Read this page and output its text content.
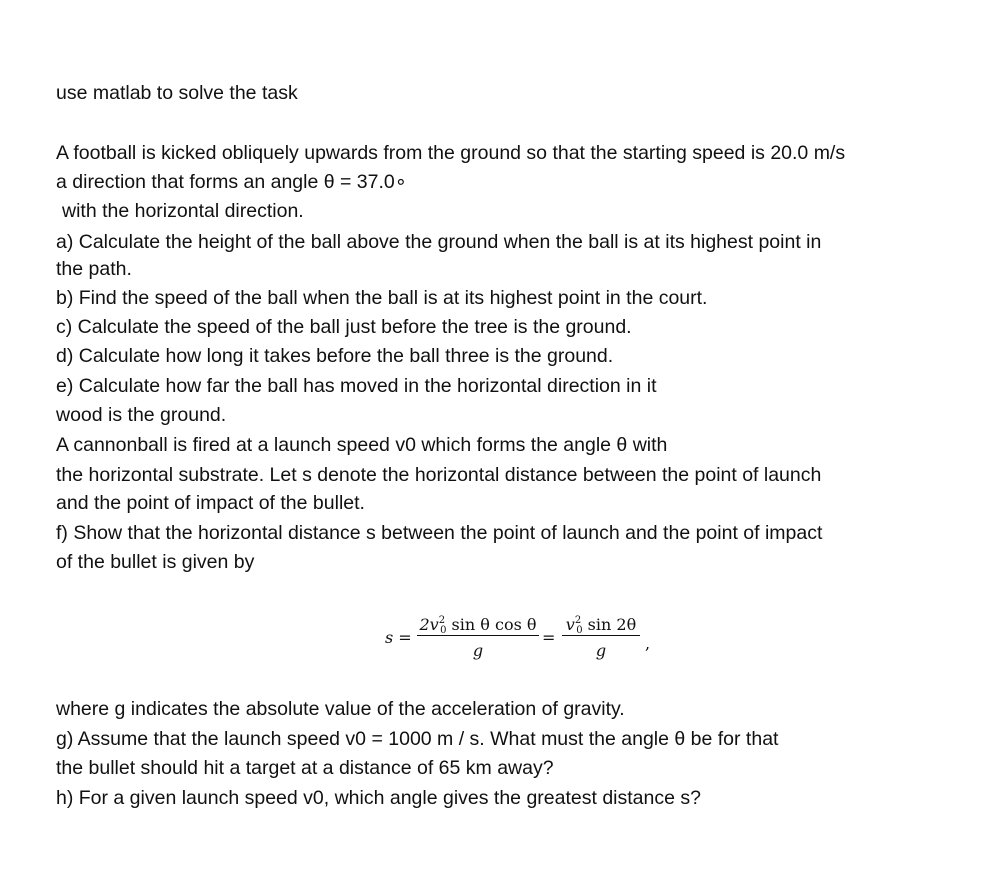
use matlab to solve the task
A football is kicked obliquely upwards from the ground so that the starting speed is 20.0 m/s
a direction that forms an angle θ = 37.0∘
with the horizontal direction.
a) Calculate the height of the ball above the ground when the ball is at its highest point in
the path.
b) Find the speed of the ball when the ball is at its highest point in the court.
c) Calculate the speed of the ball just before the tree is the ground.
d) Calculate how long it takes before the ball three is the ground.
e) Calculate how far the ball has moved in the horizontal direction in it
wood is the ground.
A cannonball is fired at a launch speed v0 which forms the angle θ with
the horizontal substrate. Let s denote the horizontal distance between the point of launch
and the point of impact of the bullet.
f) Show that the horizontal distance s between the point of launch and the point of impact
of the bullet is given by
s =
$2v^2_0$ sin θ cos θ
g
=
$v^2_0$ sin 2θ
g	,
where g indicates the absolute value of the acceleration of gravity.
g) Assume that the launch speed v0 = 1000 m / s. What must the angle θ be for that
the bullet should hit a target at a distance of 65 km away?
h) For a given launch speed v0, which angle gives the greatest distance s?
